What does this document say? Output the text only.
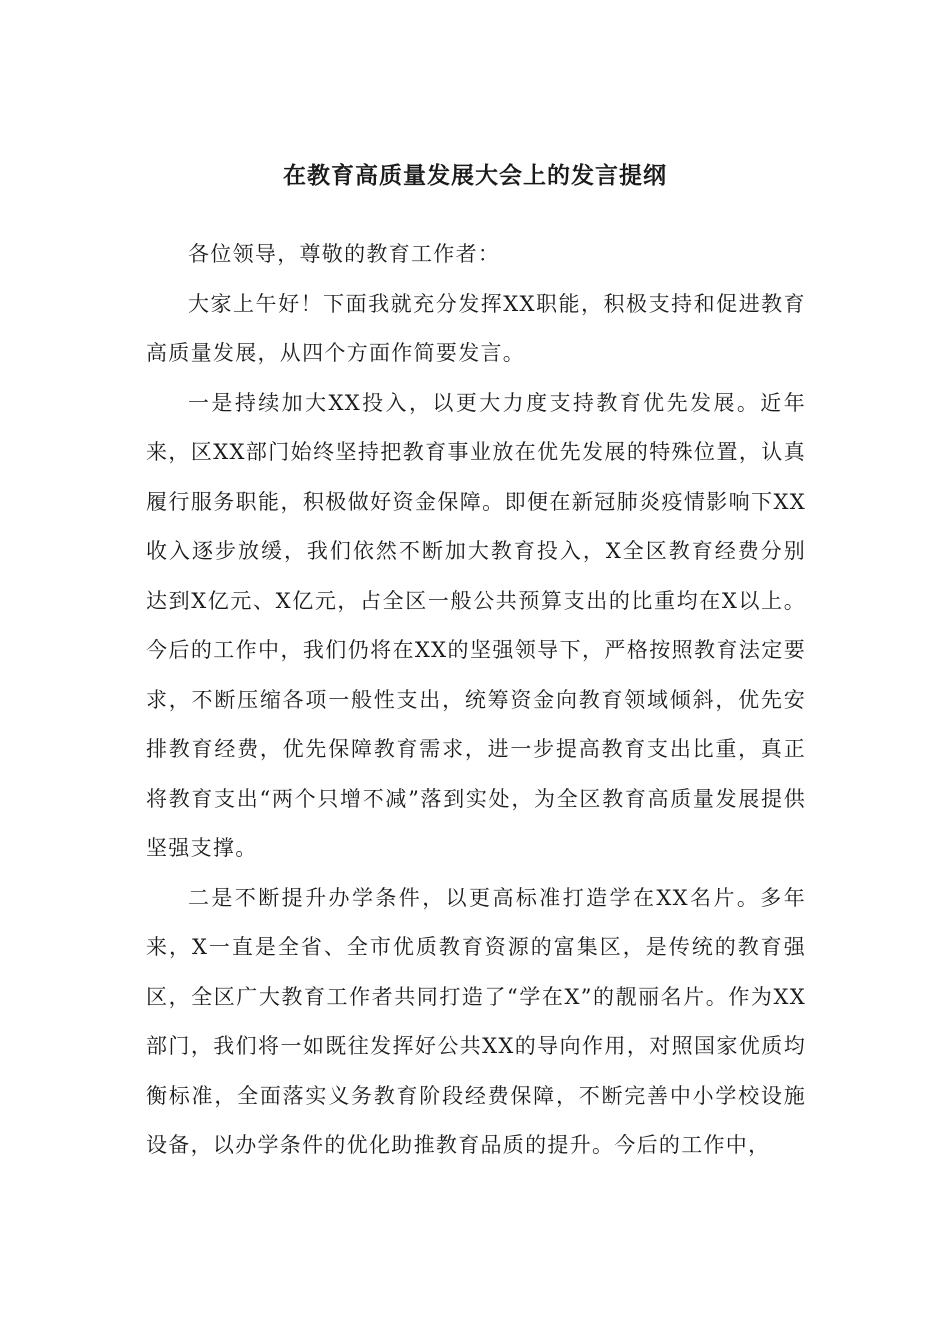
在教育高质量发展大会上的发言提纲

各位领导，尊敬的教育工作者：

大家上午好！下面我就充分发挥XX职能，积极支持和促进教育高质量发展，从四个方面作简要发言。

一是持续加大XX投入，以更大力度支持教育优先发展。近年来，区XX部门始终坚持把教育事业放在优先发展的特殊位置，认真履行服务职能，积极做好资金保障。即便在新冠肺炎疫情影响下XX收入逐步放缓，我们依然不断加大教育投入，X全区教育经费分别达到X亿元、X亿元，占全区一般公共预算支出的比重均在X以上。今后的工作中，我们仍将在XX的坚强领导下，严格按照教育法定要求，不断压缩各项一般性支出，统筹资金向教育领域倾斜，优先安排教育经费，优先保障教育需求，进一步提高教育支出比重，真正将教育支出“两个只增不减”落到实处，为全区教育高质量发展提供坚强支撑。

二是不断提升办学条件，以更高标准打造学在XX名片。多年来，X一直是全省、全市优质教育资源的富集区，是传统的教育强区，全区广大教育工作者共同打造了“学在X”的靓丽名片。作为XX部门，我们将一如既往发挥好公共XX的导向作用，对照国家优质均衡标准，全面落实义务教育阶段经费保障，不断完善中小学校设施设备，以办学条件的优化助推教育品质的提升。今后的工作中，
